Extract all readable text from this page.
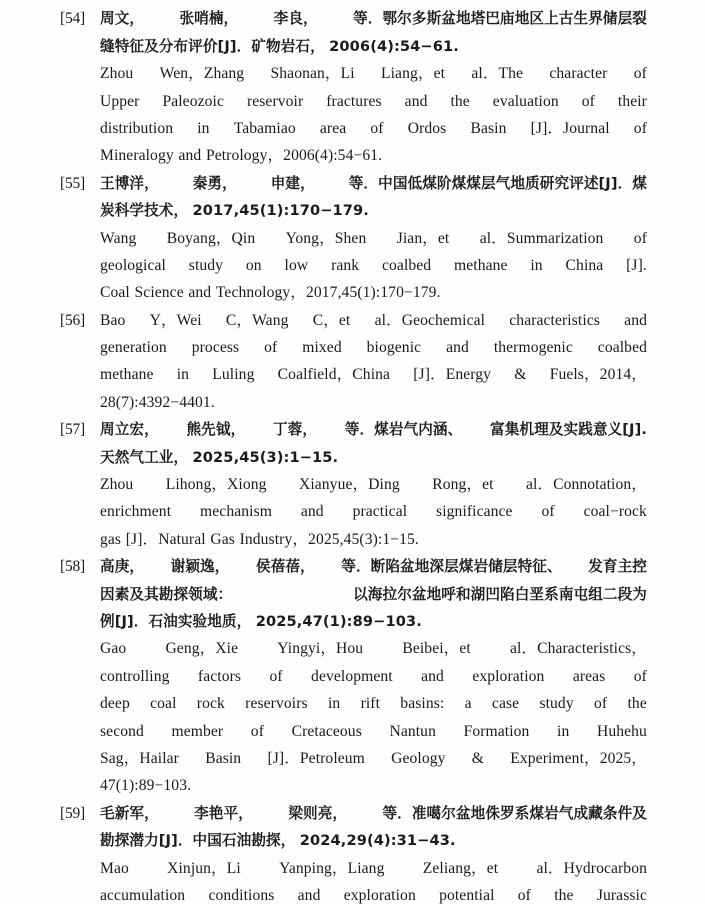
[54]	周文， 张哨楠， 李良， 等．鄂尔多斯盆地塔巴庙地区上古生界储层裂
缝特征及分布评价[J]．矿物岩石， 2006(4):54−61.
Zhou Wen，Zhang Shaonan，Li Liang，et al．The character of
Upper Paleozoic reservoir fractures and the evaluation of their
distribution in Tabamiao area of Ordos Basin [J]．Journal of
Mineralogy and Petrology，2006(4):54−61.
[55]	王博洋， 秦勇， 申建， 等．中国低煤阶煤煤层气地质研究评述[J]．煤
炭科学技术， 2017,45(1):170−179.
Wang Boyang，Qin Yong，Shen Jian，et al．Summarization of
geological study on low rank coalbed methane in China [J].
Coal Science and Technology，2017,45(1):170−179.
[56] Bao Y，Wei C，Wang C，et al．Geochemical characteristics and
generation process of mixed biogenic and thermogenic coalbed
methane in Luling Coalfield，China [J]．Energy & Fuels，2014，
28(7):4392−4401.
[57]	周立宏， 熊先钺， 丁蓉， 等．煤岩气内涵、 富集机理及实践意义[J].
天然气工业， 2025,45(3):1−15.
Zhou Lihong，Xiong Xianyue，Ding Rong，et al．Connotation，
enrichment mechanism and practical significance of coal−rock
gas [J]．Natural Gas Industry，2025,45(3):1−15.
[58]	高庚， 谢颖逸， 侯蓓蓓， 等．断陷盆地深层煤岩储层特征、 发育主控
因素及其勘探领域：	以海拉尔盆地呼和湖凹陷白垩系南屯组二段为
例[J]．石油实验地质， 2025,47(1):89−103.
Gao	Geng，Xie	Yingyi，Hou	Beibei，et	al．Characteristics，
controlling factors of development and exploration areas of
deep coal rock reservoirs in rift basins: a case study of the
second member of Cretaceous Nantun Formation in Huhehu
Sag，Hailar Basin [J]．Petroleum Geology & Experiment，2025，
47(1):89−103.
[59]	毛新军， 李艳平， 梁则亮， 等．准噶尔盆地侏罗系煤岩气成藏条件及
勘探潜力[J]．中国石油勘探， 2024,29(4):31−43.
Mao Xinjun，Li Yanping，Liang Zeliang，et al．Hydrocarbon
accumulation conditions and exploration potential of the Jurassic
